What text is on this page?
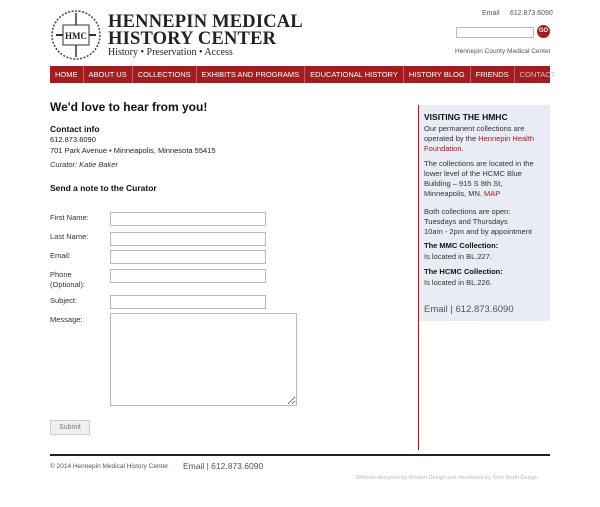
HMC
HENNEPIN MEDICAL
HISTORY CENTER
History • Preservation • Access
Email 612.873.6090
GO
Hennepin County Medical Center
HOME	ABOUT US	COLLECTIONS	EXHIBITS AND PROGRAMS	EDUCATIONAL HISTORY	HISTORY BLOG	FRIENDS	CONTACT
We'd love to hear from you!
Contact info
612.873.6090
701 Park Avenue • Minneapolis, Minnesota 55415
Curator: Katie Baker
Send a note to the Curator
First Name:
Last Name:
Email:
Phone
(Optional):
Subject:
Message:
Submit
VISITING THE HMHC
Our permanent collections are operated by the Hennepin Health Foundation.
The collections are located in the lower level of the HCMC Blue Building – 915 S 8th St, Minneapolis, MN. MAP
Both collections are open:
Tuesdays and Thursdays
10am - 2pm and by appointment
The MMC Collection:
Is located in BL.227.
The HCMC Collection:
Is located in BL.226.
Email | 612.873.6090
© 2014 Hennepin Medical History Center Email | 612.873.6090
Website designed by Kindem Design and developed by Terry Barth Design.
